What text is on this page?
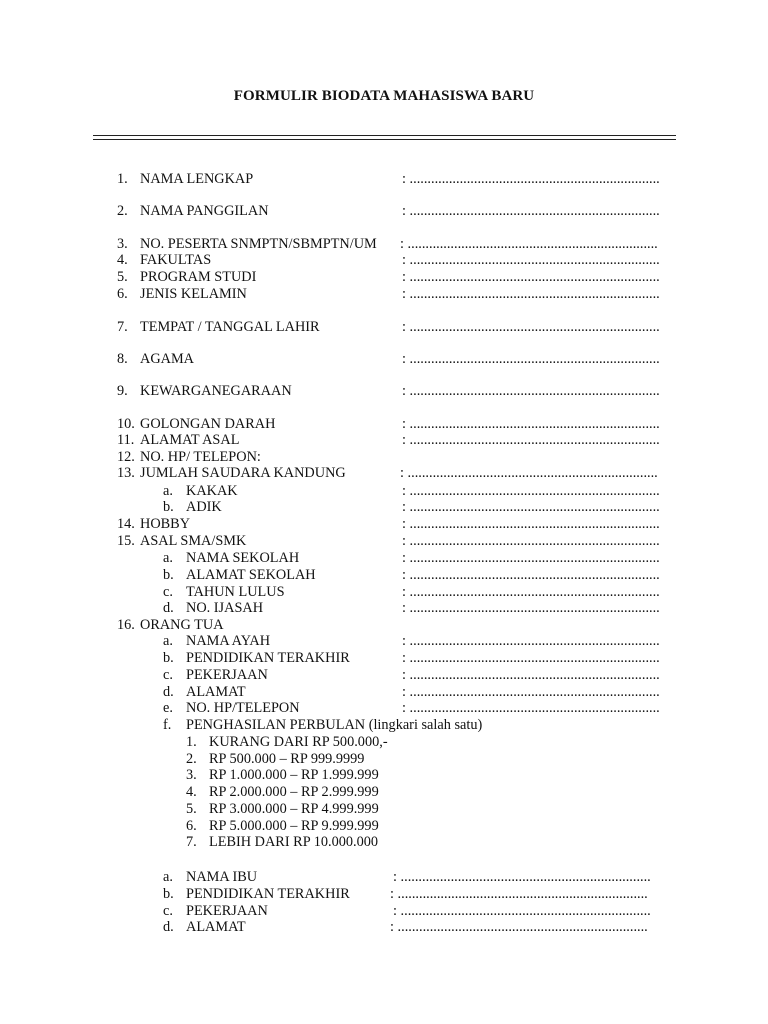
FORMULIR BIODATA MAHASISWA BARU
1. NAMA LENGKAP	: ......................................................................
2. NAMA PANGGILAN	: ......................................................................
3. NO. PESERTA SNMPTN/SBMPTN/UM : ......................................................................
4. FAKULTAS	: ......................................................................
5. PROGRAM STUDI	: ......................................................................
6. JENIS KELAMIN	: ......................................................................
7. TEMPAT / TANGGAL LAHIR	: ......................................................................
8. AGAMA	: ......................................................................
9. KEWARGANEGARAAN	: ......................................................................
10. GOLONGAN DARAH	: ......................................................................
11. ALAMAT ASAL	: ......................................................................
12. NO. HP/ TELEPON:
13. JUMLAH SAUDARA KANDUNG	: ......................................................................
a. KAKAK	: ......................................................................
b. ADIK	: ......................................................................
14. HOBBY	: ......................................................................
15. ASAL SMA/SMK	: ......................................................................
a. NAMA SEKOLAH	: ......................................................................
b. ALAMAT SEKOLAH	: ......................................................................
c. TAHUN LULUS	: ......................................................................
d. NO. IJASAH	: ......................................................................
16. ORANG TUA
a. NAMA AYAH	: ......................................................................
b. PENDIDIKAN TERAKHIR	: ......................................................................
c. PEKERJAAN	: ......................................................................
d. ALAMAT	: ......................................................................
e. NO. HP/TELEPON	: ......................................................................
f. PENGHASILAN PERBULAN (lingkari salah satu)
1. KURANG DARI RP 500.000,-
2. RP 500.000 – RP 999.9999
3. RP 1.000.000 – RP 1.999.999
4. RP 2.000.000 – RP 2.999.999
5. RP 3.000.000 – RP 4.999.999
6. RP 5.000.000 – RP 9.999.999
7. LEBIH DARI RP 10.000.000
a. NAMA IBU	: ......................................................................
b. PENDIDIKAN TERAKHIR	: ......................................................................
c. PEKERJAAN	: ......................................................................
d. ALAMAT	: ......................................................................
